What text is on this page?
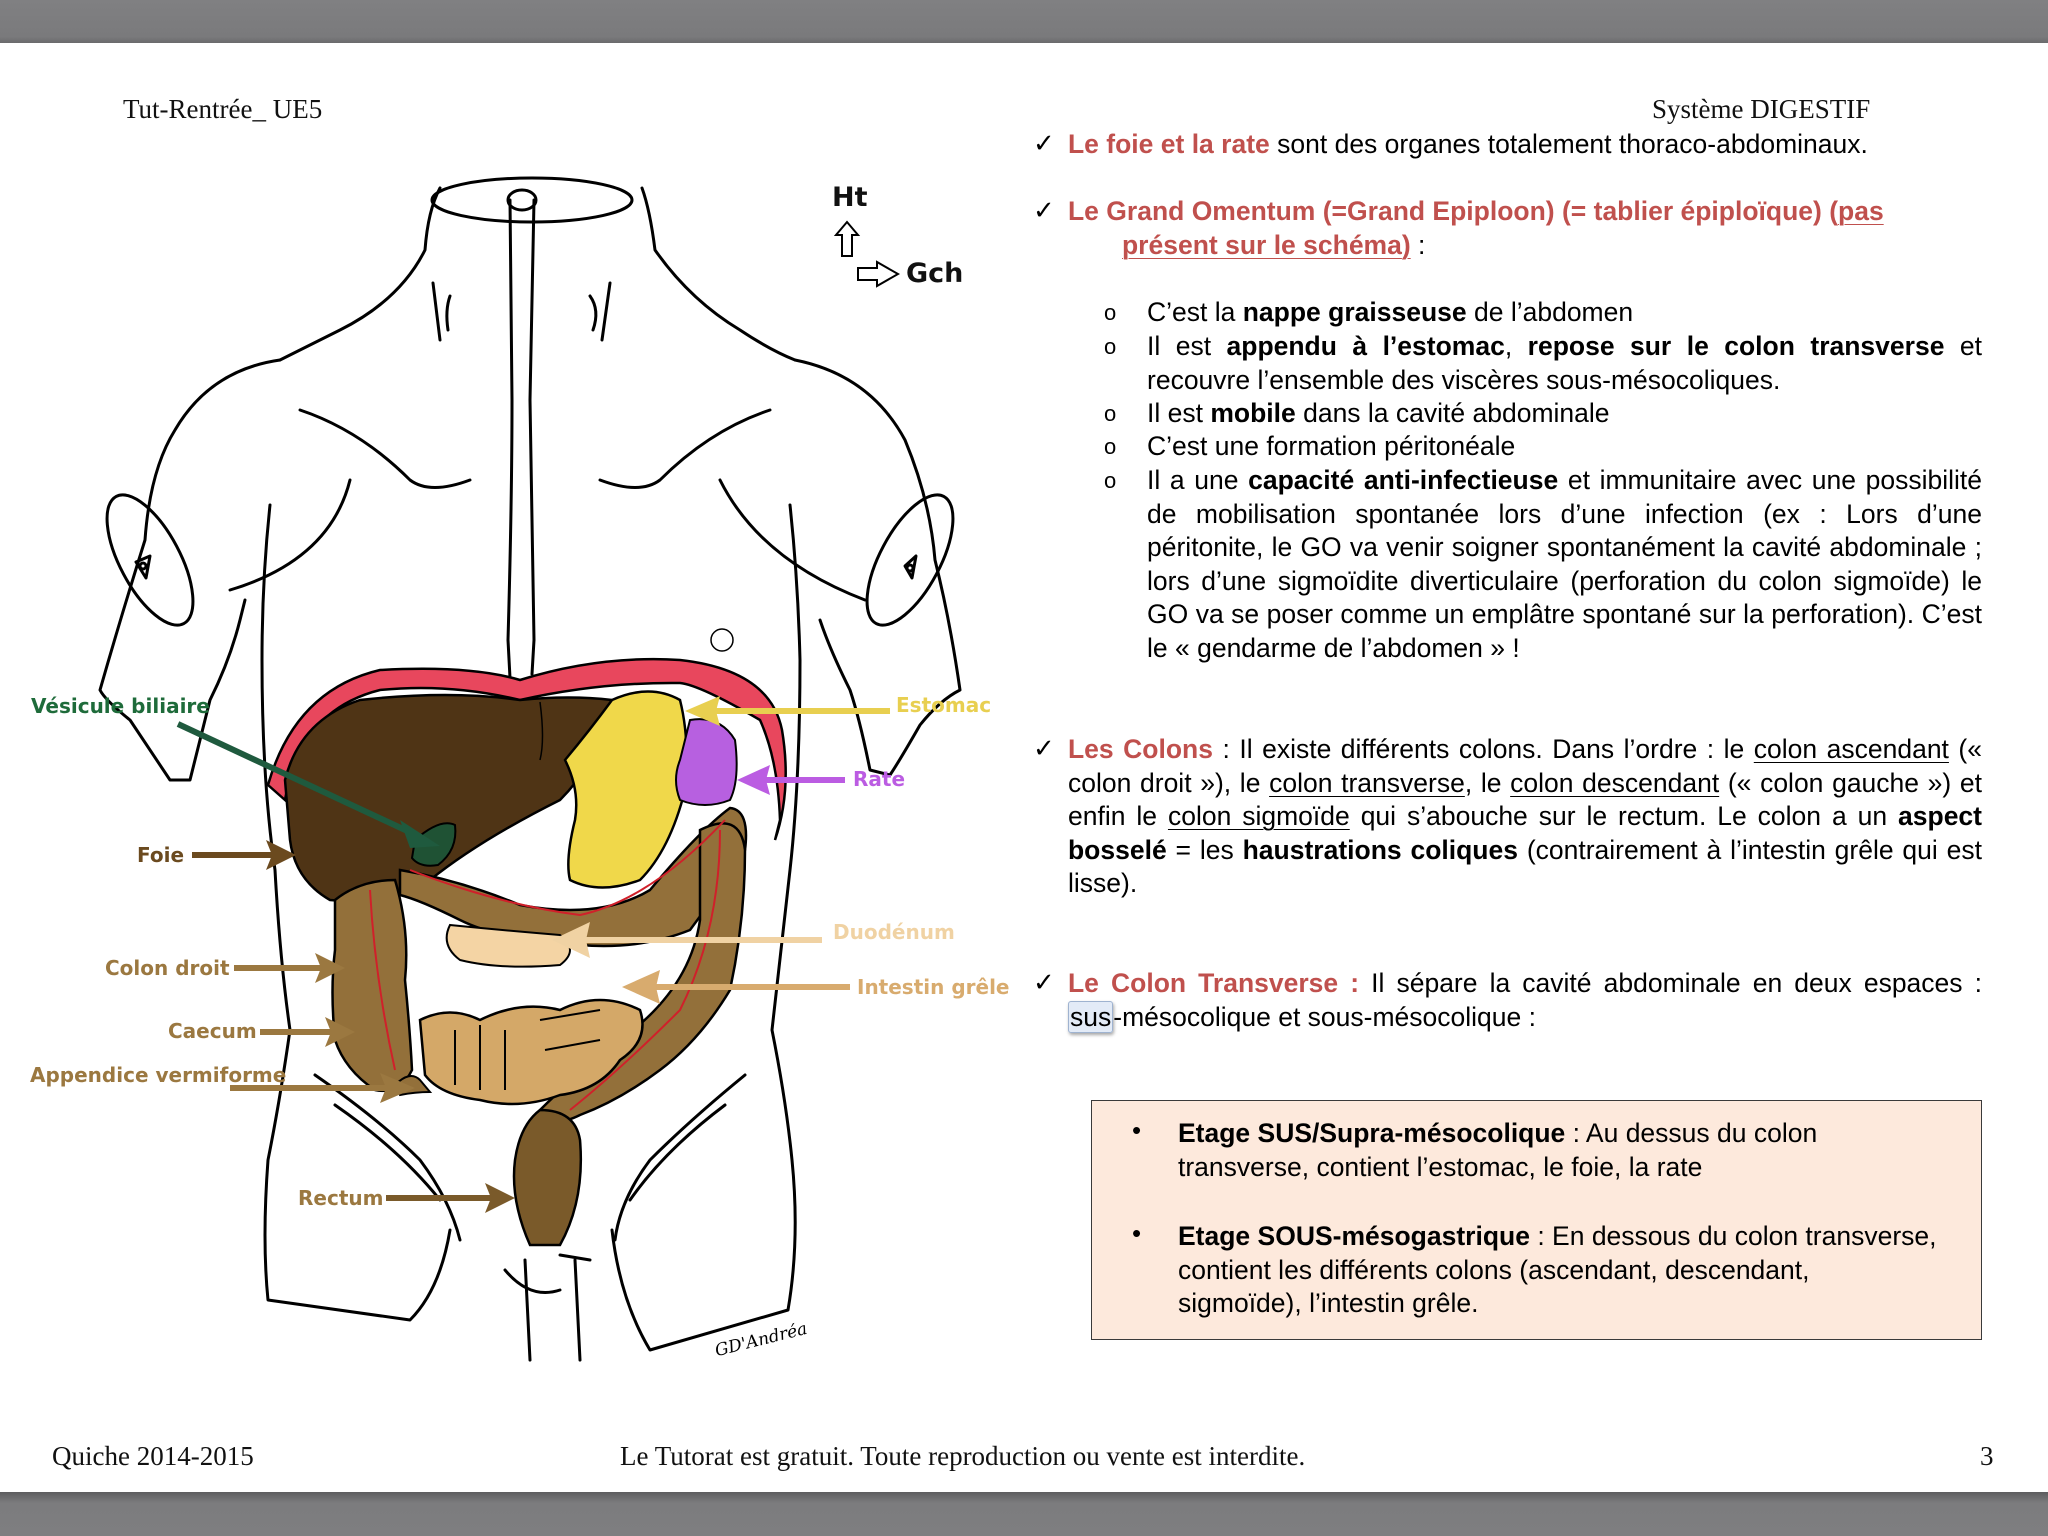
Tut-Rentrée_ UE5	Système DIGESTIF
Ht
Gch
Vésicule biliaire
Foie
Colon droit
Caecum
Appendice vermiforme
Rectum
Estomac
Rate
Duodénum
Intestin grêle
GD'Andréa
✓ Le foie et la rate sont des organes totalement thoraco-abdominaux.
✓ Le Grand Omentum (=Grand Epiploon) (= tablier épiploïque) (pas
présent sur le schéma) :
o C’est la nappe graisseuse de l’abdomen
o Il est appendu à l’estomac, repose sur le colon transverse et recouvre l’ensemble des viscères sous-mésocoliques.
o Il est mobile dans la cavité abdominale
o C’est une formation péritonéale
o Il a une capacité anti-infectieuse et immunitaire avec une possibilité de mobilisation spontanée lors d’une infection (ex : Lors d’une péritonite, le GO va venir soigner spontanément la cavité abdominale ; lors d’une sigmoïdite diverticulaire (perforation du colon sigmoïde) le GO va se poser comme un emplâtre spontané sur la perforation). C’est le « gendarme de l’abdomen » !
✓ Les Colons : Il existe différents colons. Dans l’ordre : le colon ascendant (« colon droit »), le colon transverse, le colon descendant (« colon gauche ») et enfin le colon sigmoïde qui s’abouche sur le rectum. Le colon a un aspect bosselé = les haustrations coliques (contrairement à l’intestin grêle qui est lisse).
✓ Le Colon Transverse : Il sépare la cavité abdominale en deux espaces : sus-mésocolique et sous-mésocolique :
• Etage SUS/Supra-mésocolique : Au dessus du colon transverse, contient l’estomac, le foie, la rate
• Etage SOUS-mésogastrique : En dessous du colon transverse, contient les différents colons (ascendant, descendant, sigmoïde), l’intestin grêle.
Quiche 2014-2015	Le Tutorat est gratuit. Toute reproduction ou vente est interdite.	3
